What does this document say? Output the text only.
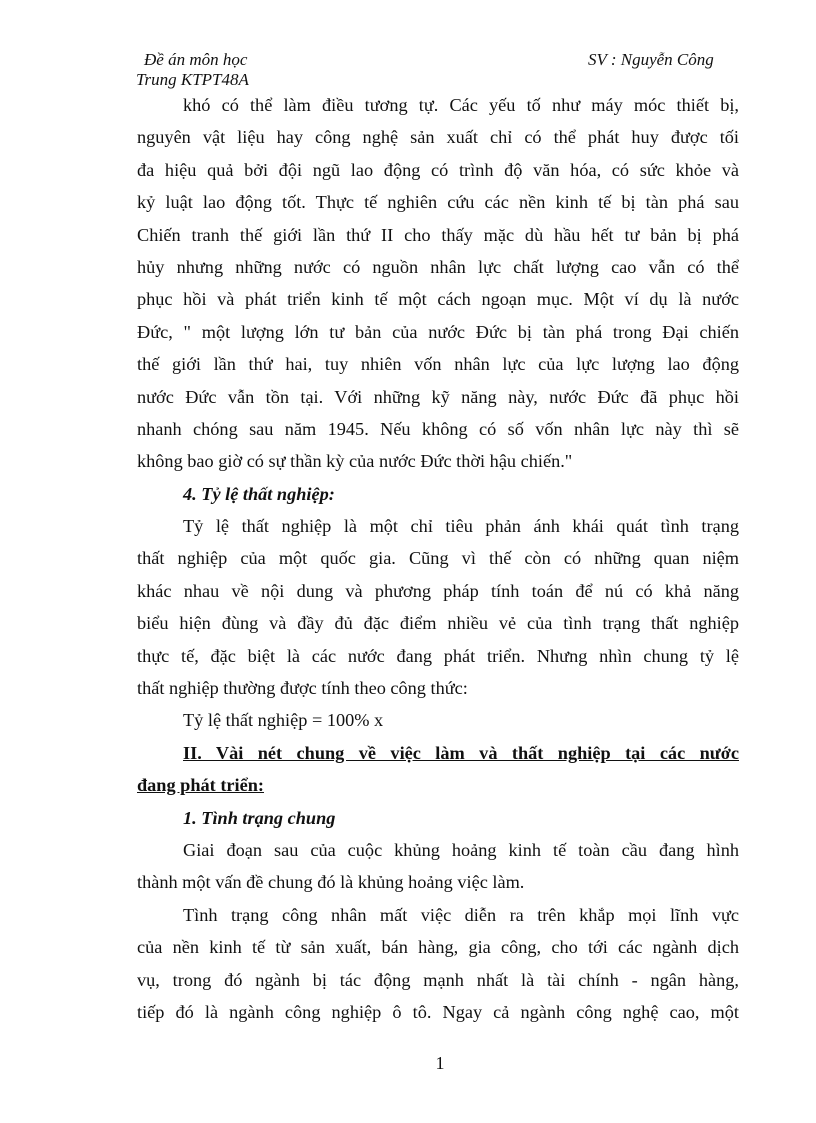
Đề án môn học
Trung KTPT48A
SV : Nguyễn Công
khó có thể làm điều tương tự. Các yếu tố như máy móc thiết bị,
nguyên vật liệu hay công nghệ sản xuất chỉ có thể phát huy được tối
đa hiệu quả bởi đội ngũ lao động có trình độ văn hóa, có sức khỏe và
kỷ luật lao động tốt. Thực tế nghiên cứu các nền kinh tế bị tàn phá sau
Chiến tranh thế giới lần thứ II cho thấy mặc dù hầu hết tư bản bị phá
hủy nhưng những nước có nguồn nhân lực chất lượng cao vẫn có thể
phục hồi và phát triển kinh tế một cách ngoạn mục. Một ví dụ là nước
Đức, " một lượng lớn tư bản của nước Đức bị tàn phá trong Đại chiến
thế giới lần thứ hai, tuy nhiên vốn nhân lực của lực lượng lao động
nước Đức vẫn tồn tại. Với những kỹ năng này, nước Đức đã phục hồi
nhanh chóng sau năm 1945. Nếu không có số vốn nhân lực này thì sẽ
không bao giờ có sự thần kỳ của nước Đức thời hậu chiến."
4. Tỷ lệ thất nghiệp:
Tỷ lệ thất nghiệp là một chỉ tiêu phản ánh khái quát tình trạng
thất nghiệp của một quốc gia. Cũng vì thế còn có những quan niệm
khác nhau về nội dung và phương pháp tính toán để nú có khả năng
biểu hiện đùng và đầy đủ đặc điểm nhiều vẻ của tình trạng thất nghiệp
thực tế, đặc biệt là các nước đang phát triển. Nhưng nhìn chung tỷ lệ
thất nghiệp thường được tính theo công thức:
Tỷ lệ thất nghiệp = 100% x
II. Vài nét chung về việc làm và thất nghiệp tại các nước
đang phát triển:
1. Tình trạng chung
Giai đoạn sau của cuộc khủng hoảng kinh tế toàn cầu đang hình
thành một vấn đề chung đó là khủng hoảng việc làm.
Tình trạng công nhân mất việc diễn ra trên khắp mọi lĩnh vực
của nền kinh tế từ sản xuất, bán hàng, gia công, cho tới các ngành dịch
vụ, trong đó ngành bị tác động mạnh nhất là tài chính - ngân hàng,
tiếp đó là ngành công nghiệp ô tô. Ngay cả ngành công nghệ cao, một
1
